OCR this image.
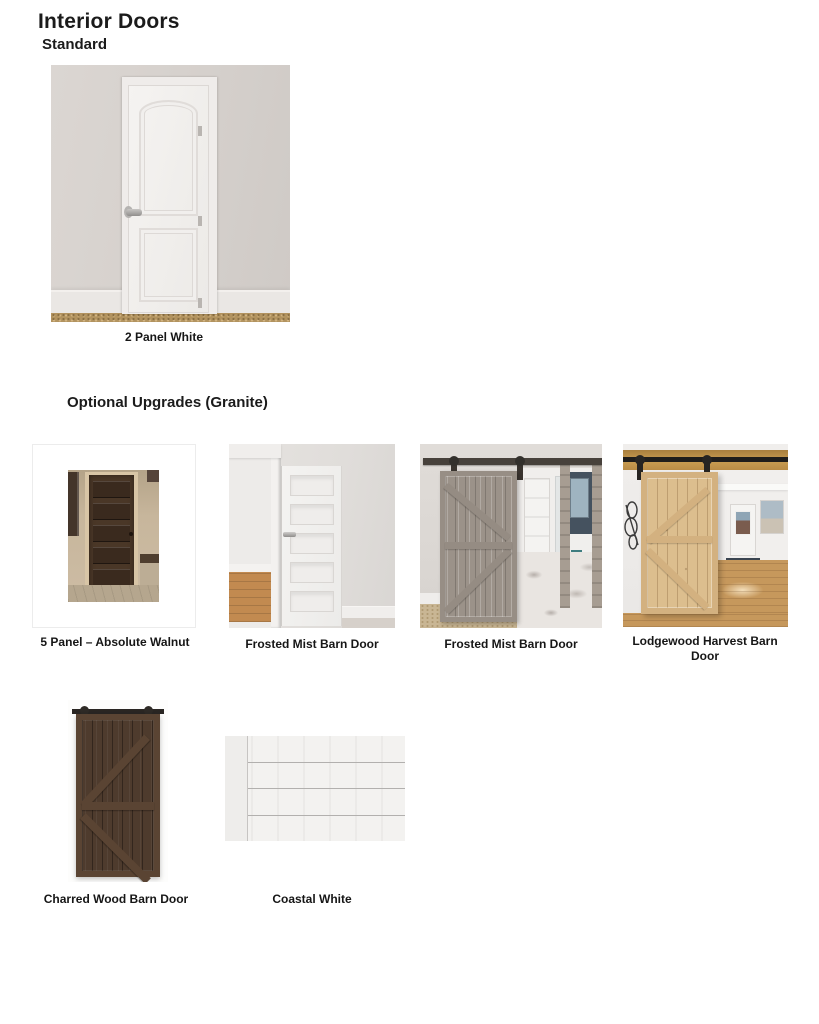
Interior Doors
Standard
2 Panel White
Optional Upgrades (Granite)
5 Panel – Absolute Walnut	Frosted Mist Barn Door	Frosted Mist Barn Door	Lodgewood Harvest Barn Door
Charred Wood Barn Door	Coastal White
